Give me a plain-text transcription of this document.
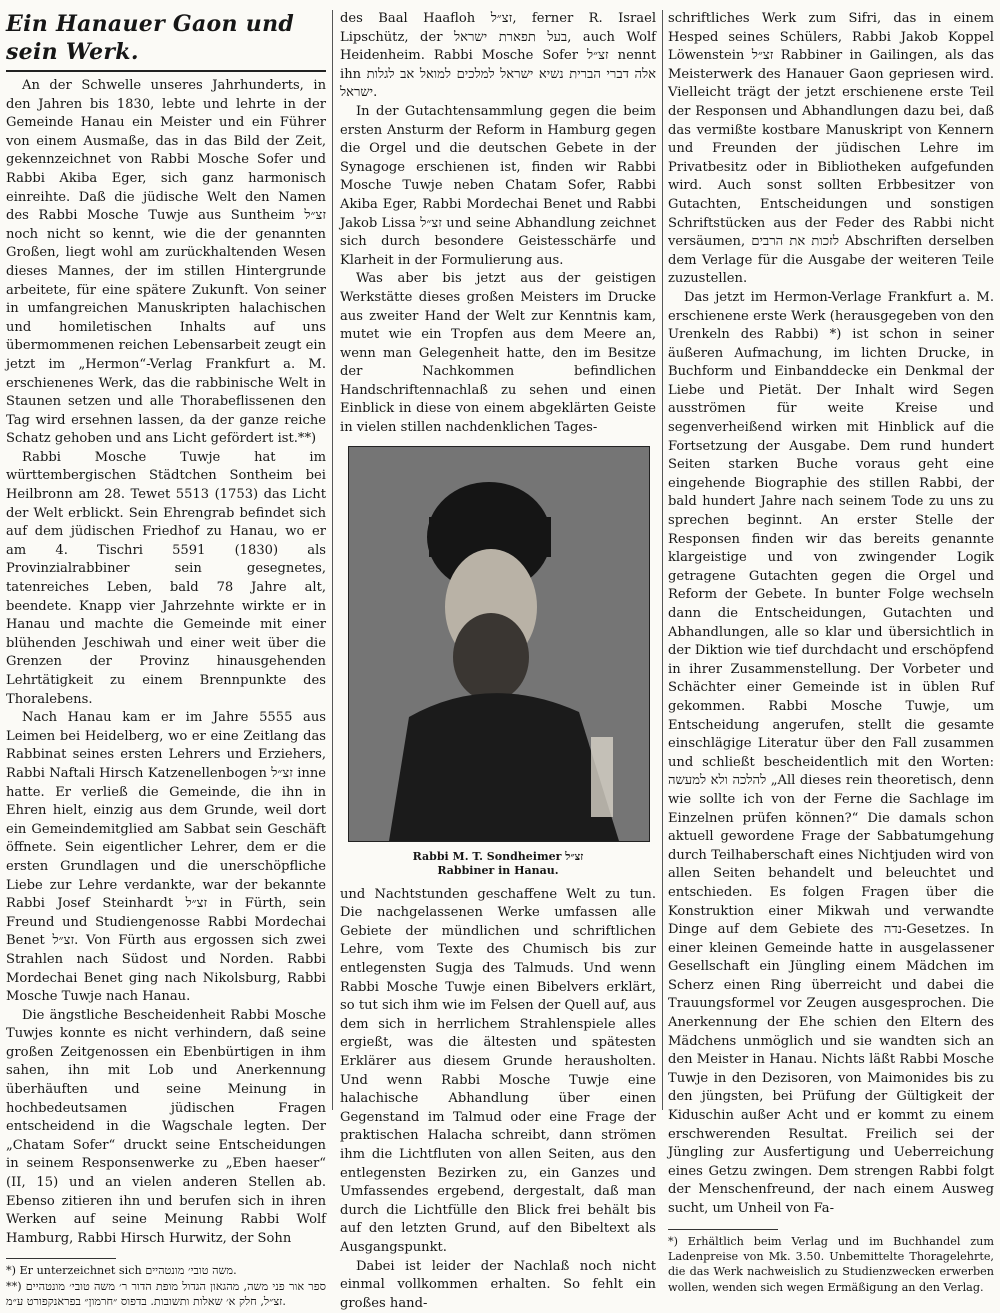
Ein Hanauer Gaon und sein Werk.

An der Schwelle unseres Jahrhunderts, in den Jahren bis 1830, lebte und lehrte in der Gemeinde Hanau ein Meister und ein Führer von einem Ausmaße, das in das Bild der Zeit, gekennzeichnet von Rabbi Mosche Sofer und Rabbi Akiba Eger, sich ganz harmonisch einreihte. Daß die jüdische Welt den Namen des Rabbi Mosche Tuwje aus Suntheim זצ״ל noch nicht so kennt, wie die der genannten Großen, liegt wohl am zurückhaltenden Wesen dieses Mannes, der im stillen Hintergrunde arbeitete, für eine spätere Zukunft. Von seiner in umfangreichen Manuskripten halachischen und homiletischen Inhalts auf uns übermommenen reichen Lebensarbeit zeugt ein jetzt im „Hermon“-Verlag Frankfurt a. M. erschienenes Werk, das die rabbinische Welt in Staunen setzen und alle Thorabeflissenen den Tag wird ersehnen lassen, da der ganze reiche Schatz gehoben und ans Licht gefördert ist.**)

Rabbi Mosche Tuwje hat im württembergischen Städtchen Sontheim bei Heilbronn am 28. Tewet 5513 (1753) das Licht der Welt erblickt. Sein Ehrengrab befindet sich auf dem jüdischen Friedhof zu Hanau, wo er am 4. Tischri 5591 (1830) als Provinzialrabbiner sein gesegnetes, tatenreiches Leben, bald 78 Jahre alt, beendete. Knapp vier Jahrzehnte wirkte er in Hanau und machte die Gemeinde mit einer blühenden Jeschiwah und einer weit über die Grenzen der Provinz hinausgehenden Lehrtätigkeit zu einem Brennpunkte des Thoralebens.

Nach Hanau kam er im Jahre 5555 aus Leimen bei Heidelberg, wo er eine Zeitlang das Rabbinat seines ersten Lehrers und Erziehers, Rabbi Naftali Hirsch Katzenellenbogen זצ״ל inne hatte. Er verließ die Gemeinde, die ihn in Ehren hielt, einzig aus dem Grunde, weil dort ein Gemeindemitglied am Sabbat sein Geschäft öffnete. Sein eigentlicher Lehrer, dem er die ersten Grundlagen und die unerschöpfliche Liebe zur Lehre verdankte, war der bekannte Rabbi Josef Steinhardt זצ״ל in Fürth, sein Freund und Studiengenosse Rabbi Mordechai Benet זצ״ל. Von Fürth aus ergossen sich zwei Strahlen nach Südost und Norden. Rabbi Mordechai Benet ging nach Nikolsburg, Rabbi Mosche Tuwje nach Hanau.

Die ängstliche Bescheidenheit Rabbi Mosche Tuwjes konnte es nicht verhindern, daß seine großen Zeitgenossen ein Ebenbürtigen in ihm sahen, ihn mit Lob und Anerkennung überhäuften und seine Meinung in hochbedeutsamen jüdischen Fragen entscheidend in die Wagschale legten. Der „Chatam Sofer“ druckt seine Entscheidungen in seinem Responsenwerke zu „Eben haeser“ (II, 15) und an vielen anderen Stellen ab. Ebenso zitieren ihn und berufen sich in ihren Werken auf seine Meinung Rabbi Wolf Hamburg, Rabbi Hirsch Hurwitz, der Sohn

*) Er unterzeichnet sich משה טובי׳ מונטהיים.

**) ספר אור פני משה, מהגאון הגדול מופת הדור ר׳ משה טובי׳ מונטהיים זצ״ל, חלק א׳ שאלות ותשובות. בדפוס ״חרמון״ בפראנקפורט ע״מ.

des Baal Haafloh זצ״ל, ferner R. Israel Lipschütz, der בעל תפארת ישראל, auch Wolf Heidenheim. Rabbi Mosche Sofer זצ״ל nennt ihn אלה דברי הברית נשיא ישראל למלכים למואל אב לגלות ישראל.

In der Gutachtensammlung gegen die beim ersten Ansturm der Reform in Hamburg gegen die Orgel und die deutschen Gebete in der Synagoge erschienen ist, finden wir Rabbi Mosche Tuwje neben Chatam Sofer, Rabbi Akiba Eger, Rabbi Mordechai Benet und Rabbi Jakob Lissa זצ״ל und seine Abhandlung zeichnet sich durch besondere Geistesschärfe und Klarheit in der Formulierung aus.

Was aber bis jetzt aus der geistigen Werkstätte dieses großen Meisters im Drucke aus zweiter Hand der Welt zur Kenntnis kam, mutet wie ein Tropfen aus dem Meere an, wenn man Gelegenheit hatte, den im Besitze der Nachkommen befindlichen Handschriftennachlaß zu sehen und einen Einblick in diese von einem abgeklärten Geiste in vielen stillen nachdenklichen Tages-

Rabbi M. T. Sondheimer זצ״ל
Rabbiner in Hanau.

und Nachtstunden geschaffene Welt zu tun. Die nachgelassenen Werke umfassen alle Gebiete der mündlichen und schriftlichen Lehre, vom Texte des Chumisch bis zur entlegensten Sugja des Talmuds. Und wenn Rabbi Mosche Tuwje einen Bibelvers erklärt, so tut sich ihm wie im Felsen der Quell auf, aus dem sich in herrlichem Strahlenspiele alles ergießt, was die ältesten und spätesten Erklärer aus diesem Grunde herausholten. Und wenn Rabbi Mosche Tuwje eine halachische Abhandlung über einen Gegenstand im Talmud oder eine Frage der praktischen Halacha schreibt, dann strömen ihm die Lichtfluten von allen Seiten, aus den entlegensten Bezirken zu, ein Ganzes und Umfassendes ergebend, dergestalt, daß man durch die Lichtfülle den Blick frei behält bis auf den letzten Grund, auf den Bibeltext als Ausgangspunkt.

Dabei ist leider der Nachlaß noch nicht einmal vollkommen erhalten. So fehlt ein großes hand-

schriftliches Werk zum Sifri, das in einem Hesped seines Schülers, Rabbi Jakob Koppel Löwenstein זצ״ל Rabbiner in Gailingen, als das Meisterwerk des Hanauer Gaon gepriesen wird. Vielleicht trägt der jetzt erschienene erste Teil der Responsen und Abhandlungen dazu bei, daß das vermißte kostbare Manuskript von Kennern und Freunden der jüdischen Lehre im Privatbesitz oder in Bibliotheken aufgefunden wird. Auch sonst sollten Erbbesitzer von Gutachten, Entscheidungen und sonstigen Schriftstücken aus der Feder des Rabbi nicht versäumen, לזכות את הרבים Abschriften derselben dem Verlage für die Ausgabe der weiteren Teile zuzustellen.

Das jetzt im Hermon-Verlage Frankfurt a. M. erschienene erste Werk (herausgegeben von den Urenkeln des Rabbi) *) ist schon in seiner äußeren Aufmachung, im lichten Drucke, in Buchform und Einbanddecke ein Denkmal der Liebe und Pietät. Der Inhalt wird Segen ausströmen für weite Kreise und segenverheißend wirken mit Hinblick auf die Fortsetzung der Ausgabe. Dem rund hundert Seiten starken Buche voraus geht eine eingehende Biographie des stillen Rabbi, der bald hundert Jahre nach seinem Tode zu uns zu sprechen beginnt. An erster Stelle der Responsen finden wir das bereits genannte klargeistige und von zwingender Logik getragene Gutachten gegen die Orgel und Reform der Gebete. In bunter Folge wechseln dann die Entscheidungen, Gutachten und Abhandlungen, alle so klar und übersichtlich in der Diktion wie tief durchdacht und erschöpfend in ihrer Zusammenstellung. Der Vorbeter und Schächter einer Gemeinde ist in üblen Ruf gekommen. Rabbi Mosche Tuwje, um Entscheidung angerufen, stellt die gesamte einschlägige Literatur über den Fall zusammen und schließt bescheidentlich mit den Worten: להלכה ולא למעשה „All dieses rein theoretisch, denn wie sollte ich von der Ferne die Sachlage im Einzelnen prüfen können?“ Die damals schon aktuell gewordene Frage der Sabbatumgehung durch Teilhaberschaft eines Nichtjuden wird von allen Seiten behandelt und beleuchtet und entschieden. Es folgen Fragen über die Konstruktion einer Mikwah und verwandte Dinge auf dem Gebiete des נדה-Gesetzes. In einer kleinen Gemeinde hatte in ausgelassener Gesellschaft ein Jüngling einem Mädchen im Scherz einen Ring überreicht und dabei die Trauungsformel vor Zeugen ausgesprochen. Die Anerkennung der Ehe schien den Eltern des Mädchens unmöglich und sie wandten sich an den Meister in Hanau. Nichts läßt Rabbi Mosche Tuwje in den Dezisoren, von Maimonides bis zu den jüngsten, bei Prüfung der Gültigkeit der Kiduschin außer Acht und er kommt zu einem erschwerenden Resultat. Freilich sei der Jüngling zur Ausfertigung und Ueberreichung eines Getzu zwingen. Dem strengen Rabbi folgt der Menschenfreund, der nach einem Ausweg sucht, um Unheil von Fa-

*) Erhältlich beim Verlag und im Buchhandel zum Ladenpreise von Mk. 3.50. Unbemittelte Thoragelehrte, die das Werk nachweislich zu Studienzwecken erwerben wollen, wenden sich wegen Ermäßigung an den Verlag.
